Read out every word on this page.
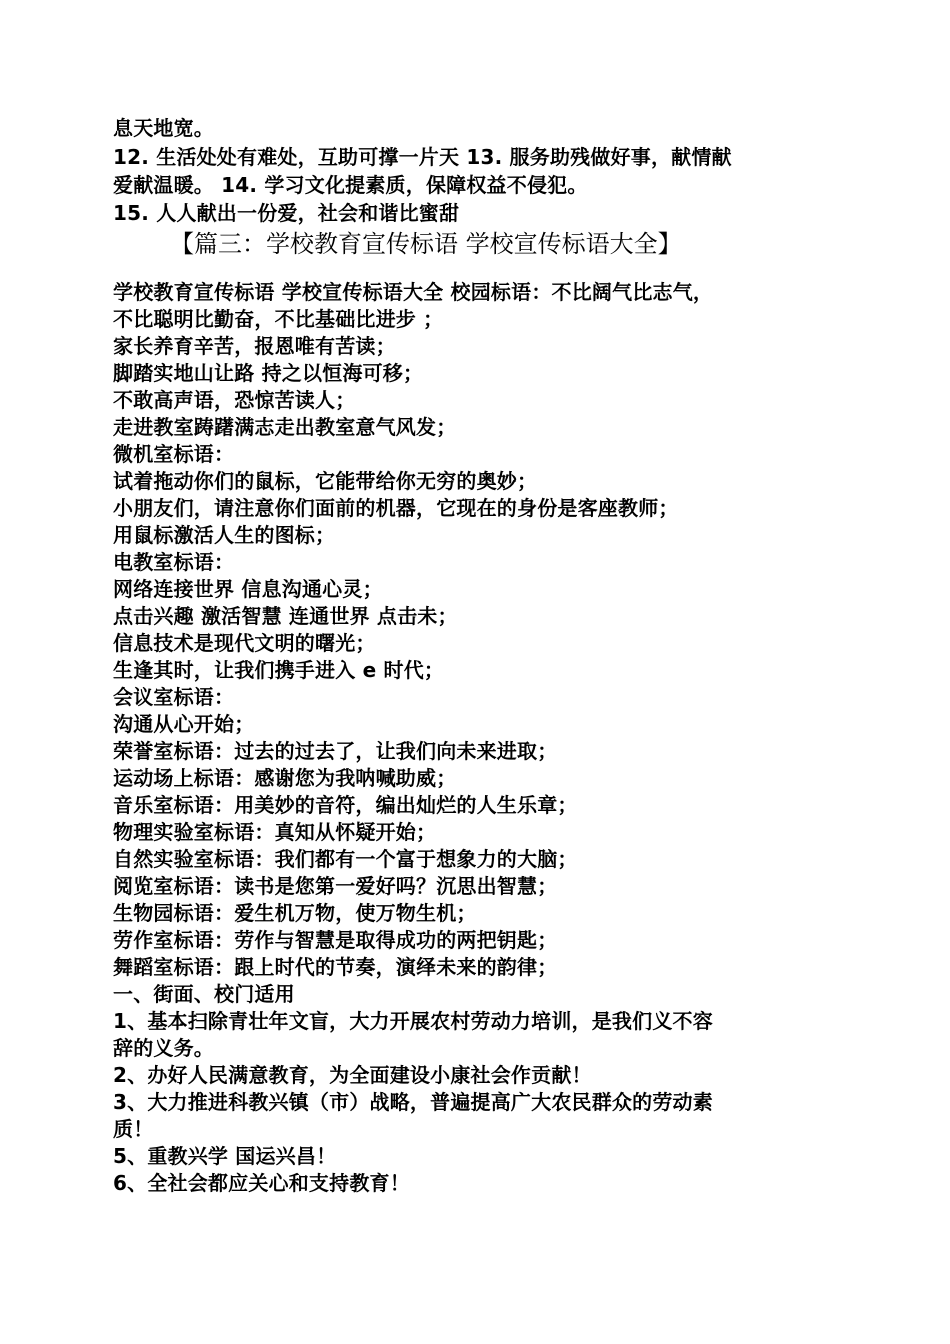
息天地宽。
12. 生活处处有难处，互助可撑一片天 13. 服务助残做好事，献情献
爱献温暖。 14. 学习文化提素质，保障权益不侵犯。
15. 人人献出一份爱，社会和谐比蜜甜
【篇三：学校教育宣传标语 学校宣传标语大全】
学校教育宣传标语 学校宣传标语大全 校园标语：不比阔气比志气，
不比聪明比勤奋，不比基础比进步 ；
家长养育辛苦，报恩唯有苦读；
脚踏实地山让路 持之以恒海可移；
不敢高声语，恐惊苦读人；
走进教室踌躇满志走出教室意气风发；
微机室标语：
试着拖动你们的鼠标，它能带给你无穷的奥妙；
小朋友们，请注意你们面前的机器，它现在的身份是客座教师；
用鼠标激活人生的图标；
电教室标语：
网络连接世界 信息沟通心灵；
点击兴趣 激活智慧 连通世界 点击未；
信息技术是现代文明的曙光；
生逢其时，让我们携手进入 e 时代；
会议室标语：
沟通从心开始；
荣誉室标语：过去的过去了，让我们向未来进取；
运动场上标语：感谢您为我呐喊助威；
音乐室标语：用美妙的音符，编出灿烂的人生乐章；
物理实验室标语：真知从怀疑开始；
自然实验室标语：我们都有一个富于想象力的大脑；
阅览室标语：读书是您第一爱好吗？沉思出智慧；
生物园标语：爱生机万物，使万物生机；
劳作室标语：劳作与智慧是取得成功的两把钥匙；
舞蹈室标语：跟上时代的节奏，演绎未来的韵律；
一、街面、校门适用
1、基本扫除青壮年文盲，大力开展农村劳动力培训，是我们义不容
辞的义务。
2、办好人民满意教育，为全面建设小康社会作贡献！
3、大力推进科教兴镇（市）战略，普遍提高广大农民群众的劳动素
质！
5、重教兴学 国运兴昌！
6、全社会都应关心和支持教育！
